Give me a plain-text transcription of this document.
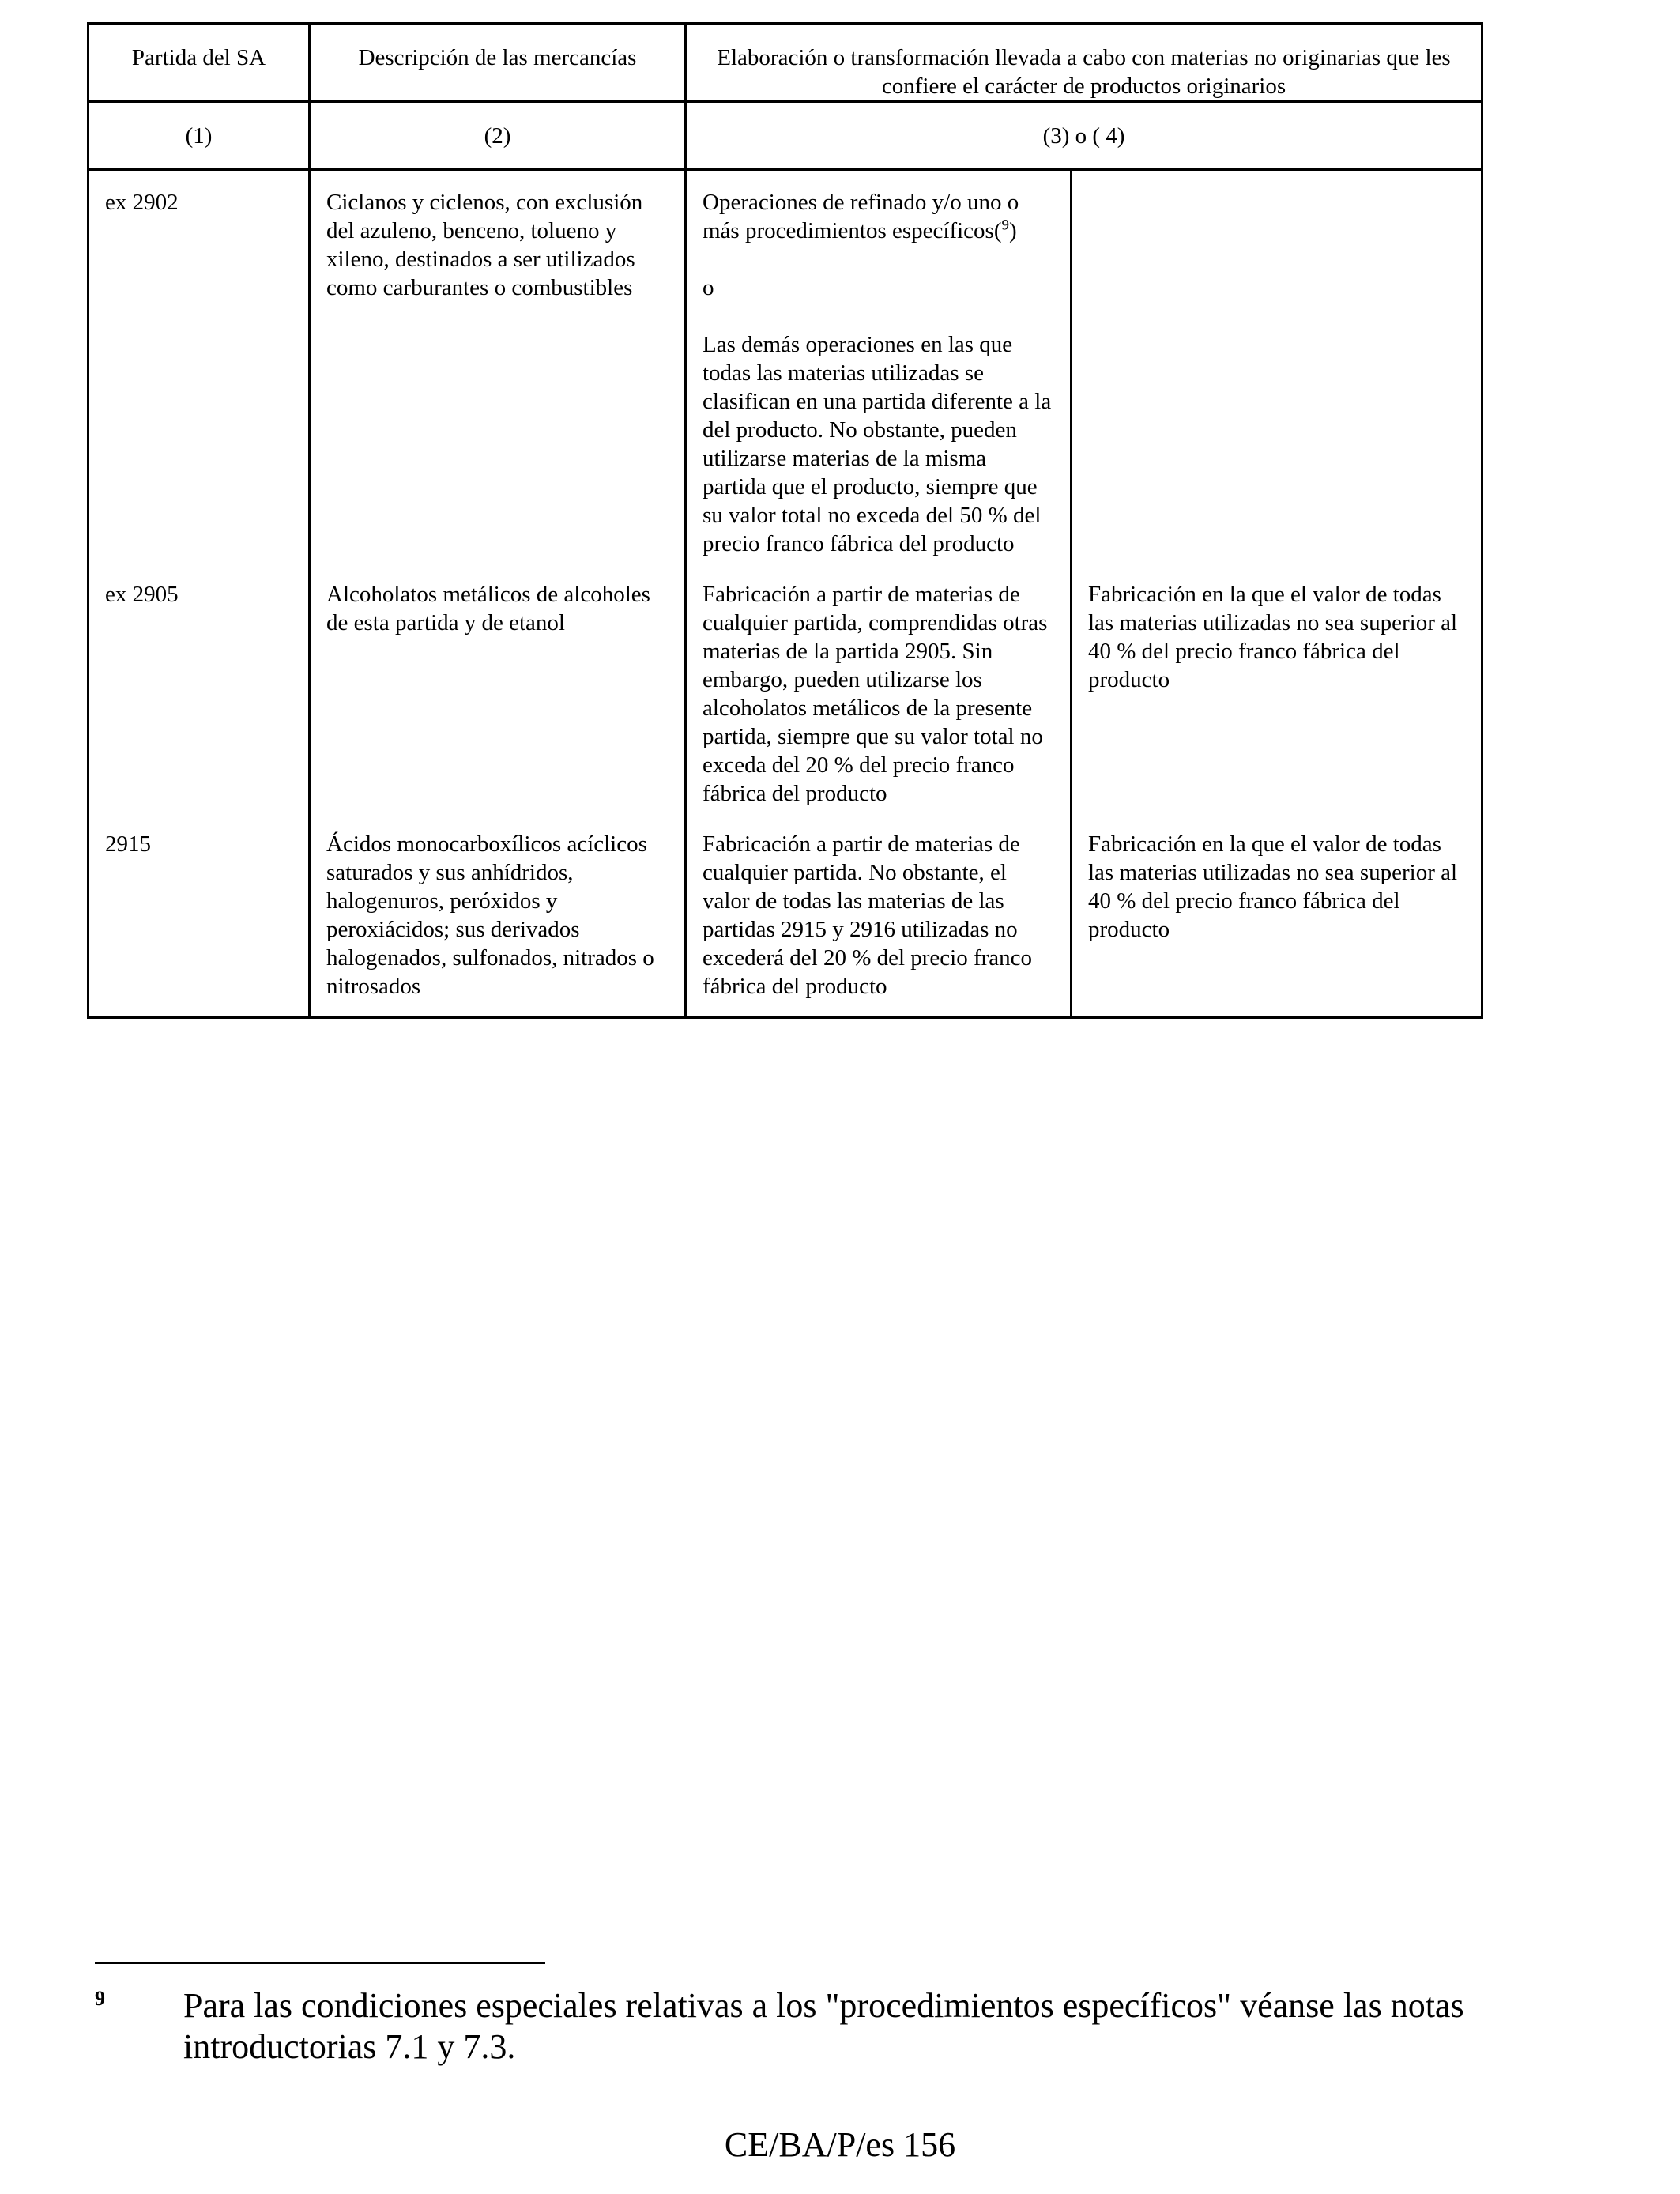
Partida del SA	Descripción de las mercancías	Elaboración o transformación llevada a cabo con materias no originarias que les confiere el carácter de productos originarios	
(1)	(2)	(3) o ( 4)	
ex 2902	Ciclanos y ciclenos, con exclusión del azuleno, benceno, tolueno y xileno, destinados a ser utilizados como carburantes o combustibles	Operaciones de refinado y/o uno o más procedimientos específicos($^9$)
o
Las demás operaciones en las que todas las materias utilizadas se clasifican en una partida diferente a la del producto. No obstante, pueden utilizarse materias de la misma partida que el producto, siempre que su valor total no exceda del 50 % del precio franco fábrica del producto	

ex 2905	Alcoholatos metálicos de alcoholes de esta partida y de etanol	Fabricación a partir de materias de cualquier partida, comprendidas otras materias de la partida 2905. Sin embargo, pueden utilizarse los alcoholatos metálicos de la presente partida, siempre que su valor total no exceda del 20 % del precio franco fábrica del producto	Fabricación en la que el valor de todas las materias utilizadas no sea superior al 40 % del precio franco fábrica del producto
2915	Ácidos monocarboxílicos acíclicos saturados y sus anhídridos, halogenuros, peróxidos y peroxiácidos; sus derivados halogenados, sulfonados, nitrados o nitrosados	Fabricación a partir de materias de cualquier partida. No obstante, el valor de todas las materias de las partidas 2915 y 2916 utilizadas no excederá del 20 % del precio franco fábrica del producto	Fabricación en la que el valor de todas las materias utilizadas no sea superior al 40 % del precio franco fábrica del producto
9 Para las condiciones especiales relativas a los "procedimientos específicos" véanse las notas introductorias 7.1 y 7.3.
CE/BA/P/es 156
